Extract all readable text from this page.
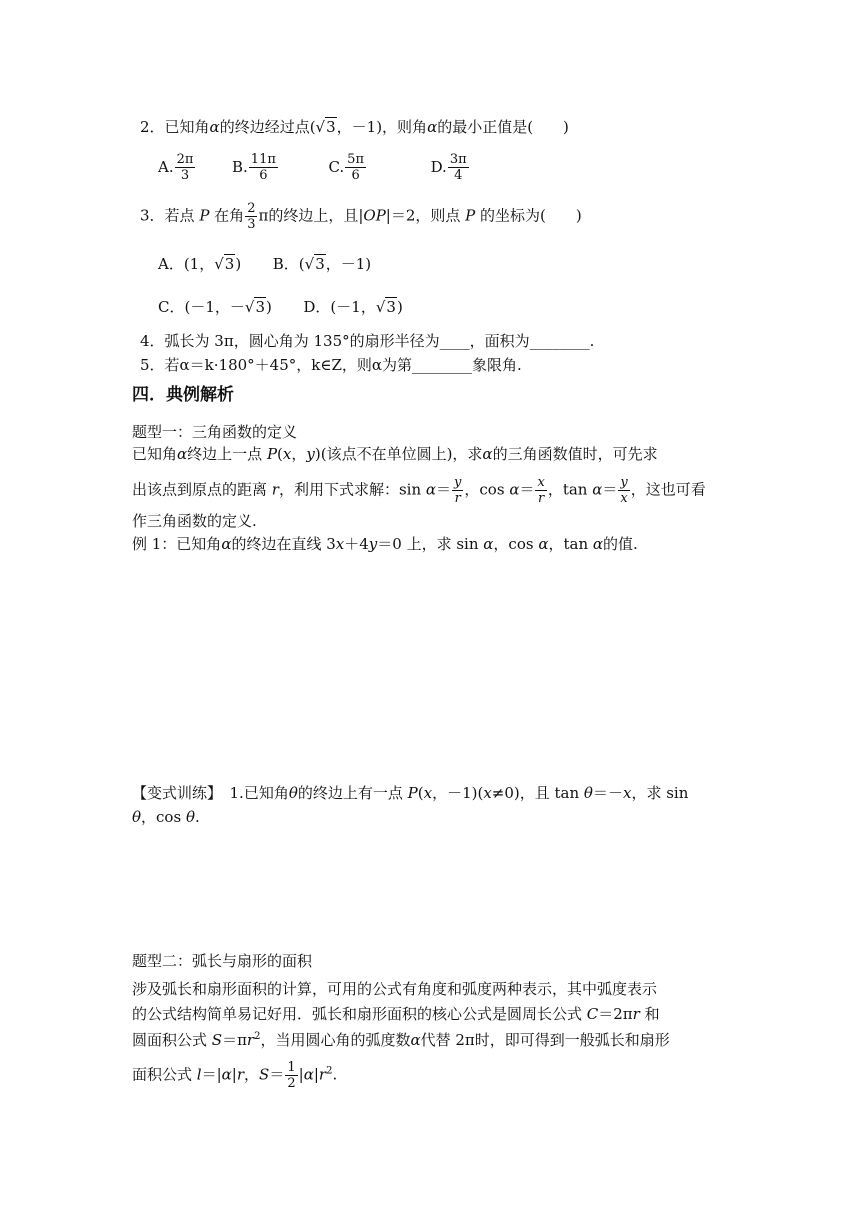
2．已知角α的终边经过点(√3，－1)，则角α的最小正值是(　　)
A. $\frac{2\pi}{3} B$. $\frac{11\pi}{6}$	C. $\frac{5\pi}{6}$	D. $\frac{3\pi}{4}$
3．若点 P 在角 $\frac{2}{3}$ π的终边上，且|OP|＝2，则点 P 的坐标为(　　)
A．(1，√3) B．(√3，－1)
C．(－1，－√3) D．(－1，√3)
4．弧长为 3π，圆心角为 135°的扇形半径为____，面积为________.
5．若α＝k·180°＋45°，k∈Z，则α为第________象限角.
四．典例解析
题型一：三角函数的定义
已知角α终边上一点 P(x，y)(该点不在单位圆上)，求α的三角函数值时，可先求
出该点到原点的距离 r，利用下式求解：$\sin \alpha= \frac{y}{r}$ ，$\cos \alpha= \frac{x}{r}$ ，$\tan \alpha= \frac{y}{x}$ ，这也可看
作三角函数的定义.
例 1：已知角α的终边在直线 3x＋4y＝0 上，求 sin α，cos α，tan α的值.
【变式训练】　1.已知角θ的终边上有一点 P(x，－1)(x≠0)，且 tan θ＝－x，求 sin
θ，cos θ.
题型二：弧长与扇形的面积
涉及弧长和扇形面积的计算，可用的公式有角度和弧度两种表示，其中弧度表示
的公式结构简单易记好用．弧长和扇形面积的核心公式是圆周长公式 C＝2πr 和
圆面积公式 $S=\pi r^2$，当用圆心角的弧度数α代替 2π时，即可得到一般弧长和扇形
面积公式 l＝|α|r，$S= \frac{1}{2} |\alpha|r^2$.
